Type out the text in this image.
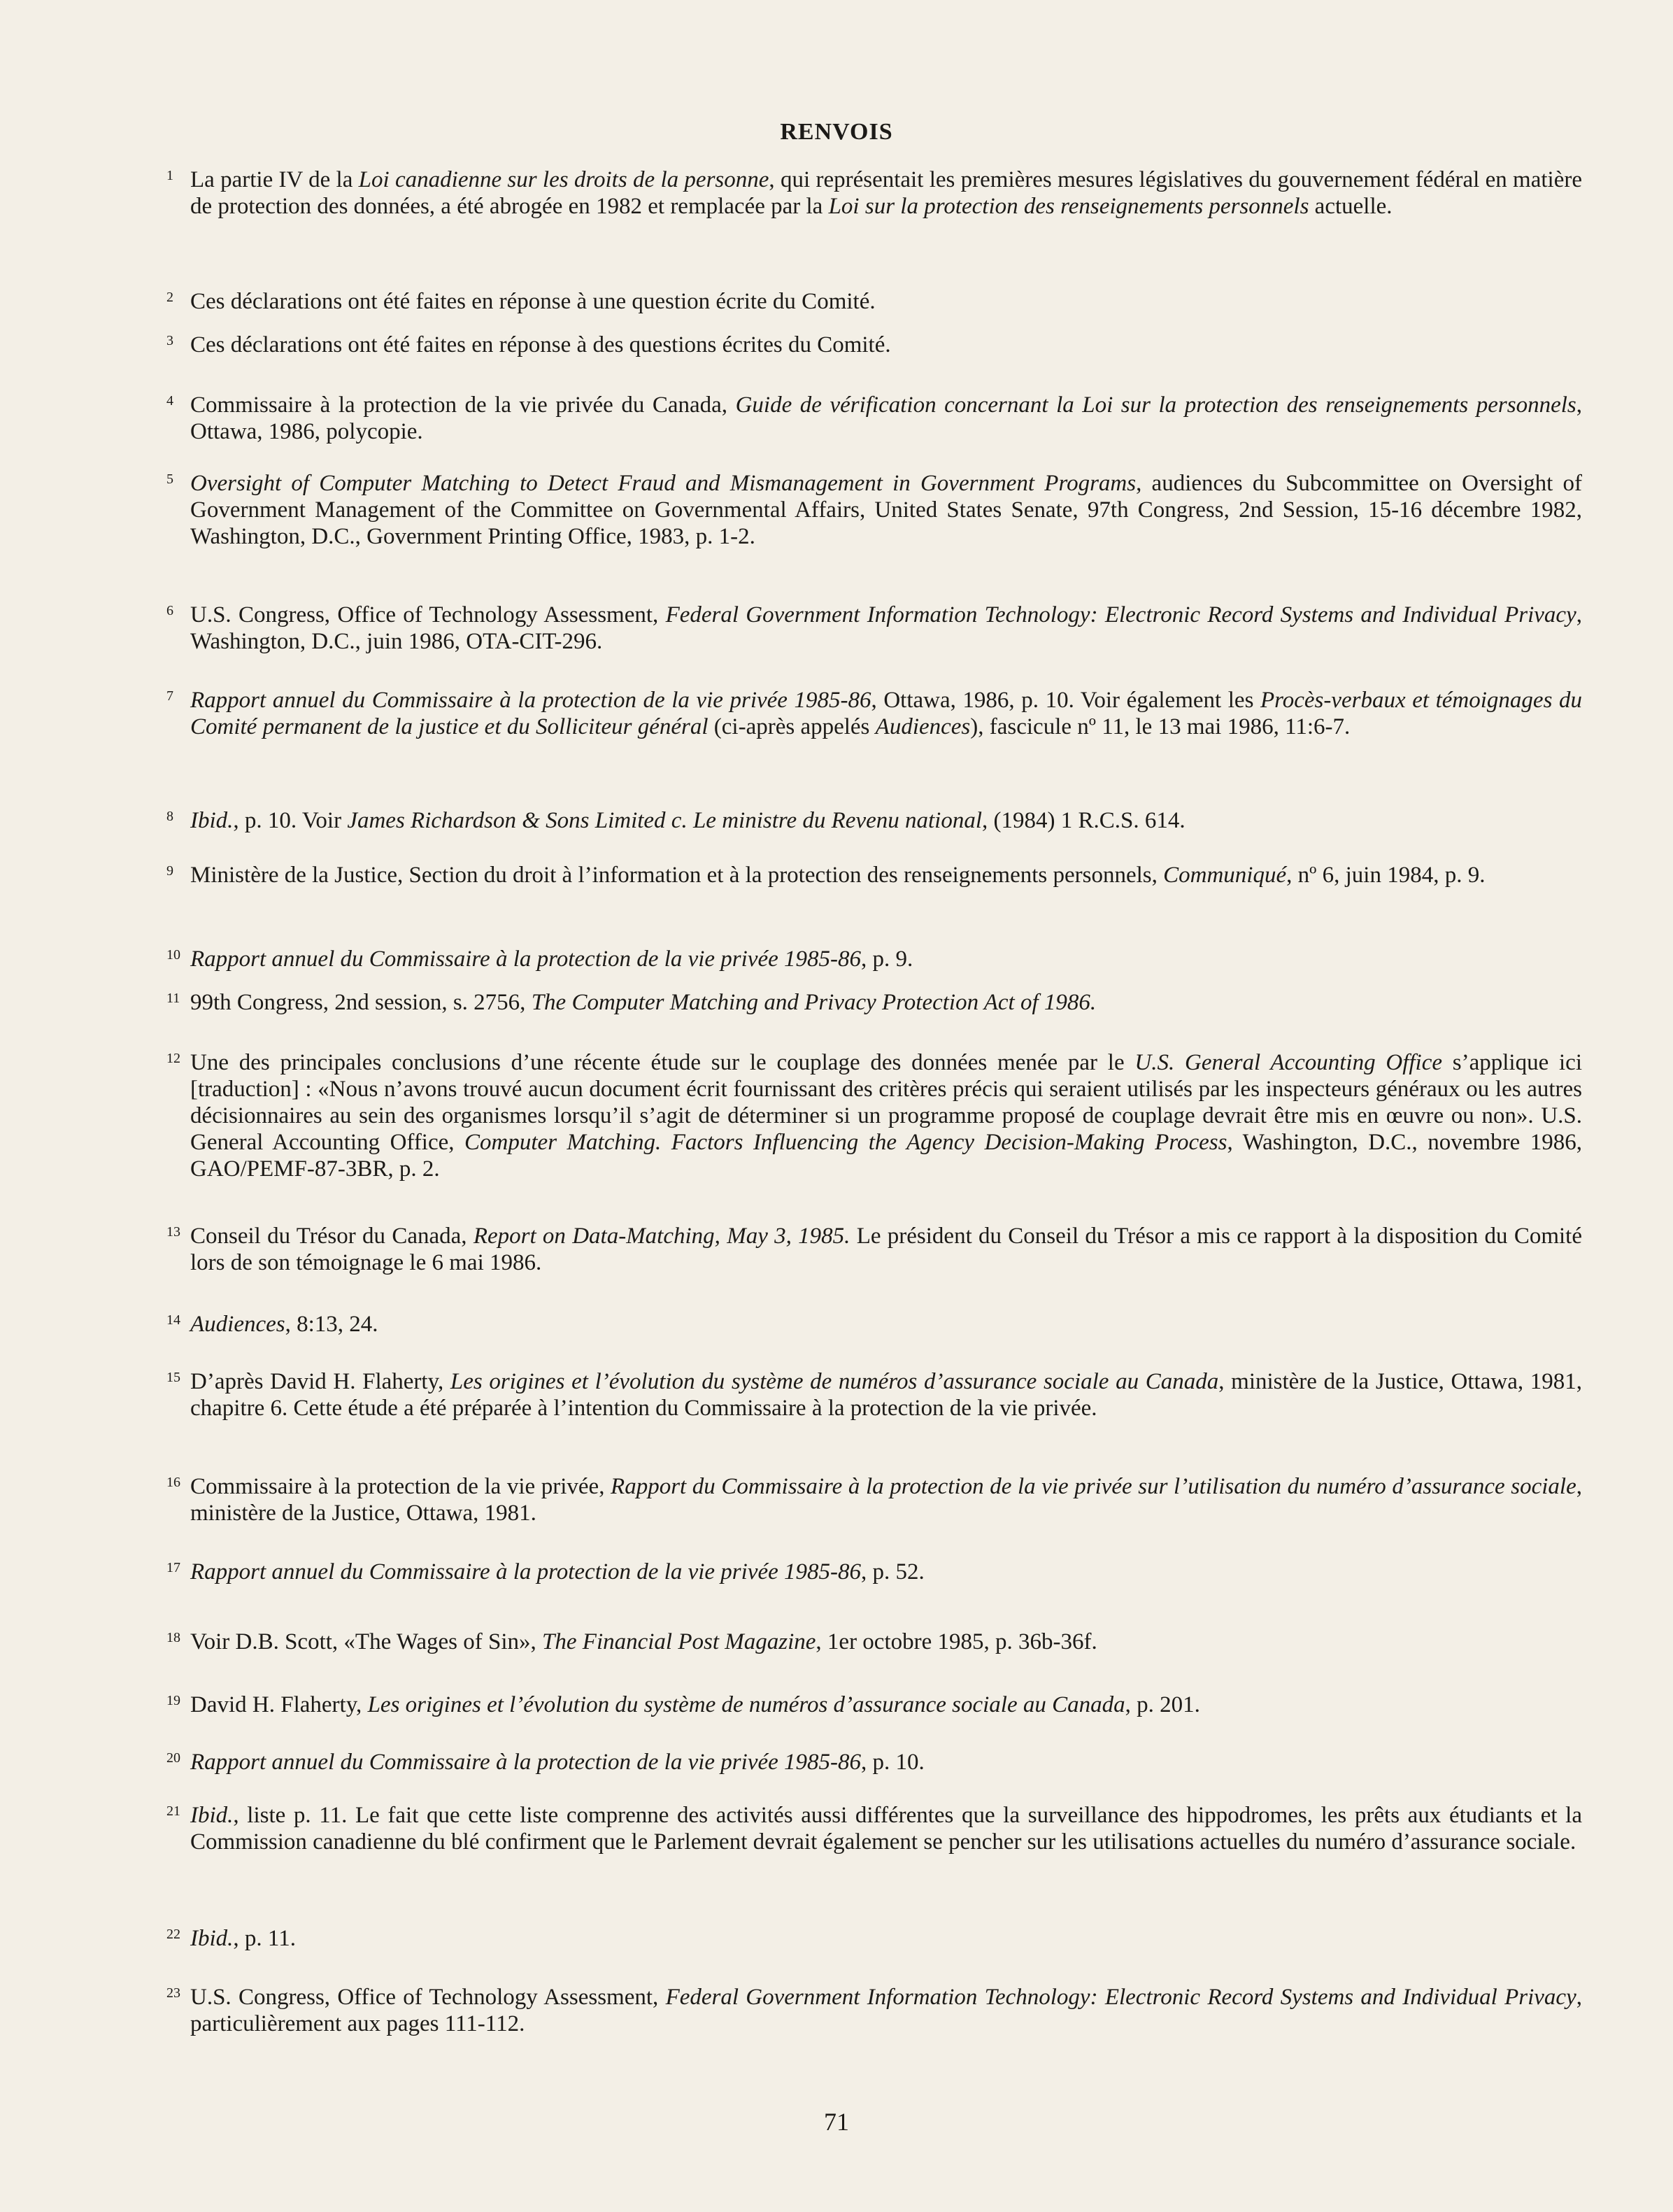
RENVOIS
1 La partie IV de la Loi canadienne sur les droits de la personne, qui représentait les premières mesures législatives du gouvernement fédéral en matière de protection des données, a été abrogée en 1982 et remplacée par la Loi sur la protection des renseignements personnels actuelle.
2 Ces déclarations ont été faites en réponse à une question écrite du Comité.
3 Ces déclarations ont été faites en réponse à des questions écrites du Comité.
4 Commissaire à la protection de la vie privée du Canada, Guide de vérification concernant la Loi sur la protection des renseignements personnels, Ottawa, 1986, polycopie.
5 Oversight of Computer Matching to Detect Fraud and Mismanagement in Government Programs, audiences du Subcommittee on Oversight of Government Management of the Committee on Governmental Affairs, United States Senate, 97th Congress, 2nd Session, 15-16 décembre 1982, Washington, D.C., Government Printing Office, 1983, p. 1-2.
6 U.S. Congress, Office of Technology Assessment, Federal Government Information Technology: Electronic Record Systems and Individual Privacy, Washington, D.C., juin 1986, OTA-CIT-296.
7 Rapport annuel du Commissaire à la protection de la vie privée 1985-86, Ottawa, 1986, p. 10. Voir également les Procès-verbaux et témoignages du Comité permanent de la justice et du Solliciteur général (ci-après appelés Audiences), fascicule nº 11, le 13 mai 1986, 11:6-7.
8 Ibid., p. 10. Voir James Richardson & Sons Limited c. Le ministre du Revenu national, (1984) 1 R.C.S. 614.
9 Ministère de la Justice, Section du droit à l’information et à la protection des renseignements personnels, Communiqué, nº 6, juin 1984, p. 9.
10 Rapport annuel du Commissaire à la protection de la vie privée 1985-86, p. 9.
11 99th Congress, 2nd session, s. 2756, The Computer Matching and Privacy Protection Act of 1986.
12 Une des principales conclusions d’une récente étude sur le couplage des données menée par le U.S. General Accounting Office s’applique ici [traduction] : «Nous n’avons trouvé aucun document écrit fournissant des critères précis qui seraient utilisés par les inspecteurs généraux ou les autres décisionnaires au sein des organismes lorsqu’il s’agit de déterminer si un programme proposé de couplage devrait être mis en œuvre ou non». U.S. General Accounting Office, Computer Matching. Factors Influencing the Agency Decision-Making Process, Washington, D.C., novembre 1986, GAO/PEMF-87-3BR, p. 2.
13 Conseil du Trésor du Canada, Report on Data-Matching, May 3, 1985. Le président du Conseil du Trésor a mis ce rapport à la disposition du Comité lors de son témoignage le 6 mai 1986.
14 Audiences, 8:13, 24.
15 D’après David H. Flaherty, Les origines et l’évolution du système de numéros d’assurance sociale au Canada, ministère de la Justice, Ottawa, 1981, chapitre 6. Cette étude a été préparée à l’intention du Commissaire à la protection de la vie privée.
16 Commissaire à la protection de la vie privée, Rapport du Commissaire à la protection de la vie privée sur l’utilisation du numéro d’assurance sociale, ministère de la Justice, Ottawa, 1981.
17 Rapport annuel du Commissaire à la protection de la vie privée 1985-86, p. 52.
18 Voir D.B. Scott, «The Wages of Sin», The Financial Post Magazine, 1er octobre 1985, p. 36b-36f.
19 David H. Flaherty, Les origines et l’évolution du système de numéros d’assurance sociale au Canada, p. 201.
20 Rapport annuel du Commissaire à la protection de la vie privée 1985-86, p. 10.
21 Ibid., liste p. 11. Le fait que cette liste comprenne des activités aussi différentes que la surveillance des hippodromes, les prêts aux étudiants et la Commission canadienne du blé confirment que le Parlement devrait également se pencher sur les utilisations actuelles du numéro d’assurance sociale.
22 Ibid., p. 11.
23 U.S. Congress, Office of Technology Assessment, Federal Government Information Technology: Electronic Record Systems and Individual Privacy, particulièrement aux pages 111-112.
71
